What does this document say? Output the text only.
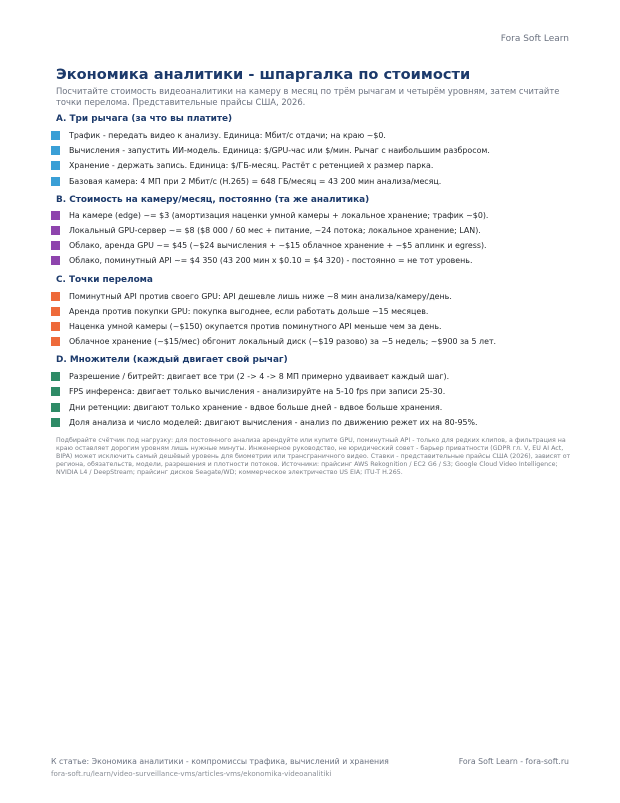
Fora Soft Learn
Экономика аналитики - шпаргалка по стоимости
Посчитайте стоимость видеоаналитики на камеру в месяц по трём рычагам и четырём уровням, затем считайте точки перелома. Представительные прайсы США, 2026.
A. Три рычага (за что вы платите)
Трафик - передать видео к анализу. Единица: Мбит/с отдачи; на краю ~$0.
Вычисления - запустить ИИ-модель. Единица: $/GPU-час или $/мин. Рычаг с наибольшим разбросом.
Хранение - держать запись. Единица: $/ГБ-месяц. Растёт с ретенцией х размер парка.
Базовая камера: 4 МП при 2 Мбит/с (H.265) = 648 ГБ/месяц = 43 200 мин анализа/месяц.
B. Стоимость на камеру/месяц, постоянно (та же аналитика)
На камере (edge) ~= $3 (амортизация наценки умной камеры + локальное хранение; трафик ~$0).
Локальный GPU-сервер ~= $8 ($8 000 / 60 мес + питание, ~24 потока; локальное хранение; LAN).
Облако, аренда GPU ~= $45 (~$24 вычисления + ~$15 облачное хранение + ~$5 аплинк и egress).
Облако, поминутный API ~= $4 350 (43 200 мин x $0.10 = $4 320) - постоянно = не тот уровень.
C. Точки перелома
Поминутный API против своего GPU: API дешевле лишь ниже ~8 мин анализа/камеру/день.
Аренда против покупки GPU: покупка выгоднее, если работать дольше ~15 месяцев.
Наценка умной камеры (~$150) окупается против поминутного API меньше чем за день.
Облачное хранение (~$15/мес) обгонит локальный диск (~$19 разово) за ~5 недель; ~$900 за 5 лет.
D. Множители (каждый двигает свой рычаг)
Разрешение / битрейт: двигает все три (2 -> 4 -> 8 МП примерно удваивает каждый шаг).
FPS инференса: двигает только вычисления - анализируйте на 5-10 fps при записи 25-30.
Дни ретенции: двигают только хранение - вдвое больше дней - вдвое больше хранения.
Доля анализа и число моделей: двигают вычисления - анализ по движению режет их на 80-95%.
Подбирайте счётчик под нагрузку: для постоянного анализа арендуйте или купите GPU, поминутный API - только для редких клипов, а фильтрация на краю оставляет дорогим уровням лишь нужные минуты. Инженерное руководство, не юридический совет - барьер приватности (GDPR гл. V, EU AI Act, BIPA) может исключить самый дешёвый уровень для биометрии или трансграничного видео. Ставки - представительные прайсы США (2026), зависят от региона, обязательств, модели, разрешения и плотности потоков. Источники: прайсинг AWS Rekognition / EC2 G6 / S3; Google Cloud Video Intelligence; NVIDIA L4 / DeepStream; прайсинг дисков Seagate/WD; коммерческое электричество US EIA; ITU-T H.265.
К статье: Экономика аналитики - компромиссы трафика, вычислений и хранения
fora-soft.ru/learn/video-surveillance-vms/articles-vms/ekonomika-videoanalitiki
Fora Soft Learn - fora-soft.ru
